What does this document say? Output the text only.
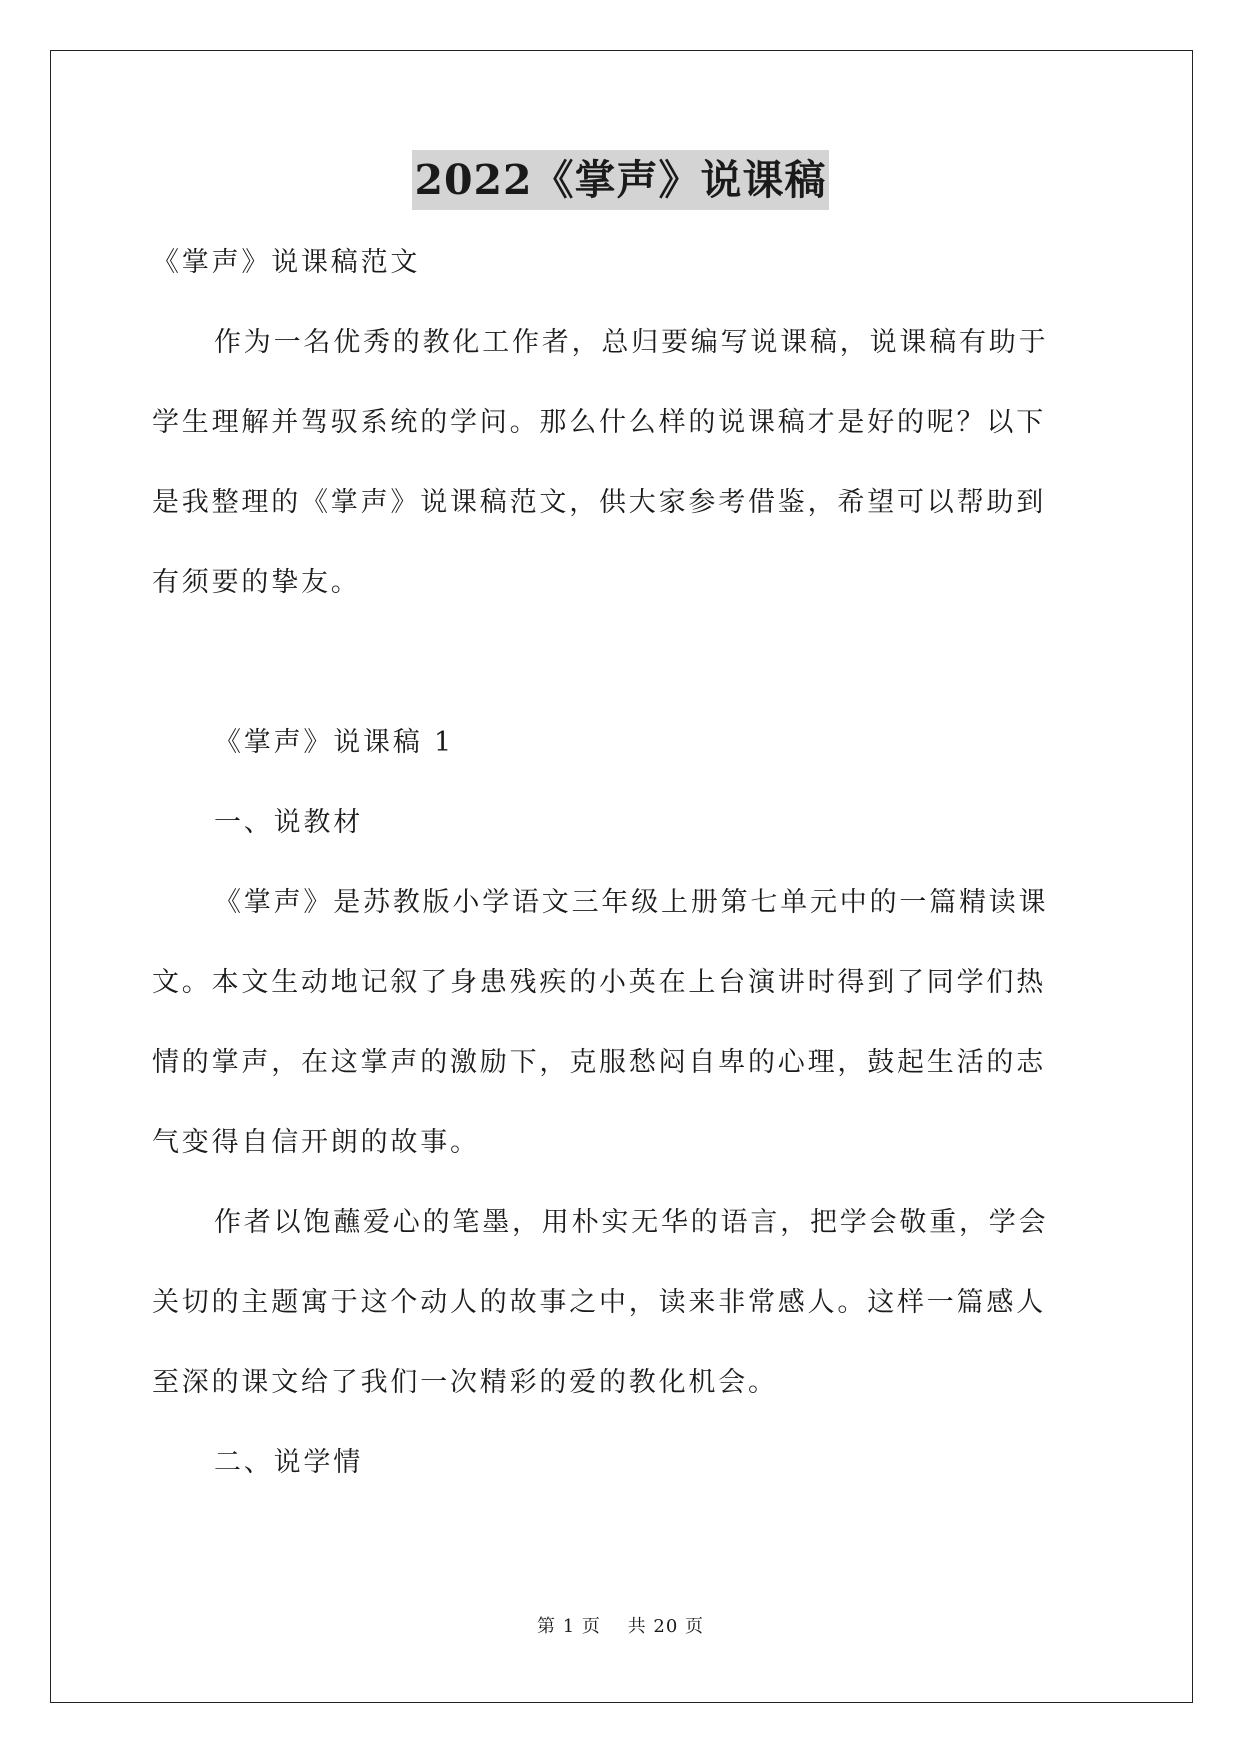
2022《掌声》说课稿
《掌声》说课稿范文
作为一名优秀的教化工作者，总归要编写说课稿，说课稿有助于
学生理解并驾驭系统的学问。那么什么样的说课稿才是好的呢？以下
是我整理的《掌声》说课稿范文，供大家参考借鉴，希望可以帮助到
有须要的挚友。
《掌声》说课稿 1
一、说教材
《掌声》是苏教版小学语文三年级上册第七单元中的一篇精读课
文。本文生动地记叙了身患残疾的小英在上台演讲时得到了同学们热
情的掌声，在这掌声的激励下，克服愁闷自卑的心理，鼓起生活的志
气变得自信开朗的故事。
作者以饱蘸爱心的笔墨，用朴实无华的语言，把学会敬重，学会
关切的主题寓于这个动人的故事之中，读来非常感人。这样一篇感人
至深的课文给了我们一次精彩的爱的教化机会。
二、说学情
第 1 页 共 20 页
